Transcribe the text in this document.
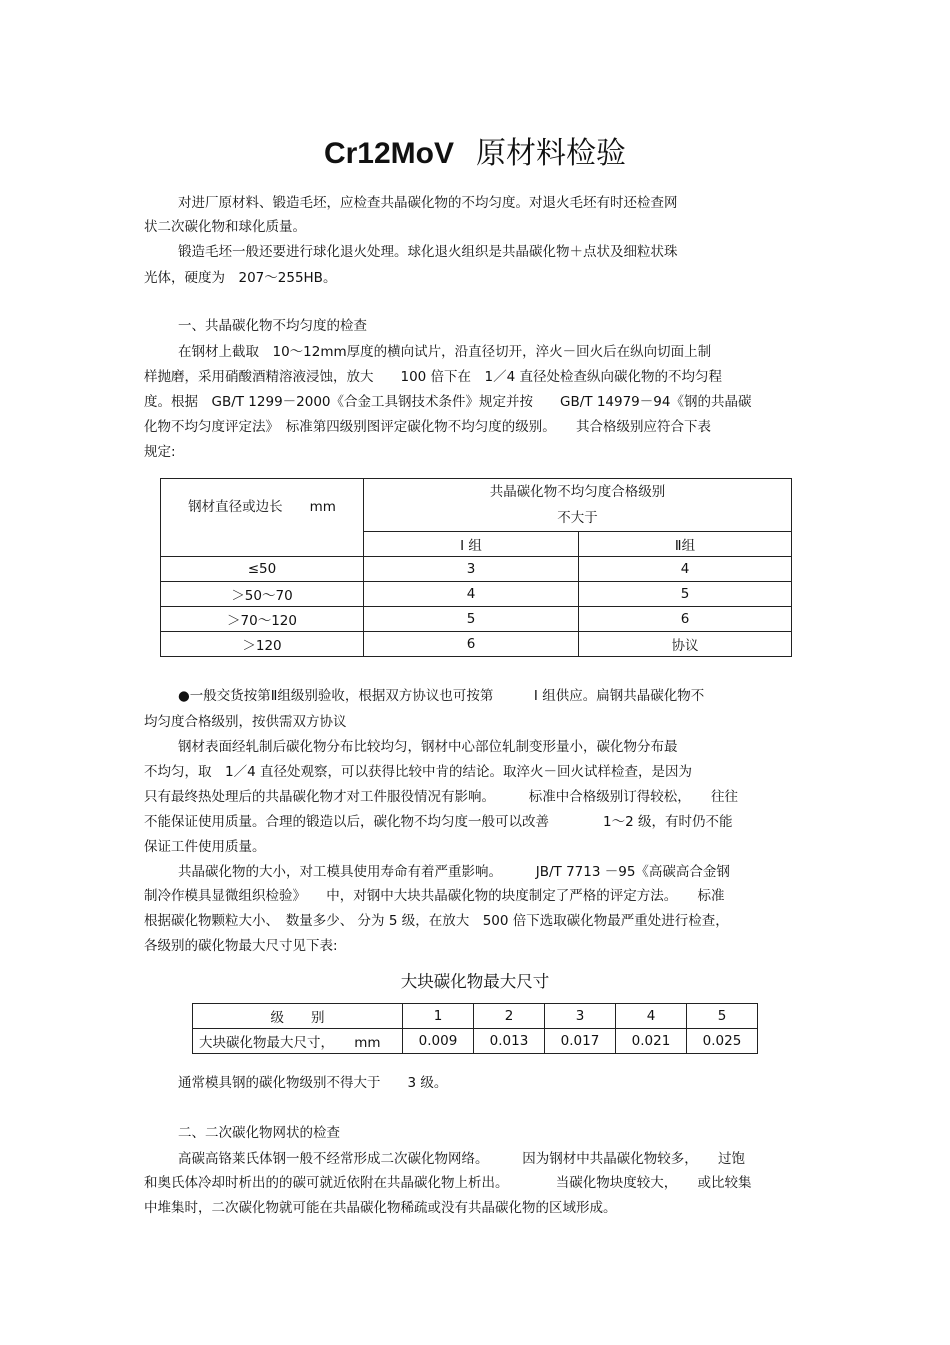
Cr12MoV 原材料检验
对进厂原材料、锻造毛坯，应检查共晶碳化物的不均匀度。对退火毛坯有时还检查网
状二次碳化物和球化质量。
锻造毛坯一般还要进行球化退火处理。球化退火组织是共晶碳化物＋点状及细粒状珠
光体，硬度为　207～255HB。
一、共晶碳化物不均匀度的检查
在钢材上截取　10～12mm厚度的横向试片，沿直径切开，淬火－回火后在纵向切面上制
样抛磨，采用硝酸酒精溶液浸蚀，放大　　100 倍下在　1／4 直径处检查纵向碳化物的不均匀程
度。根据　GB/T 1299－2000《合金工具钢技术条件》规定并按　　GB/T 14979－94《钢的共晶碳
化物不均匀度评定法》　标准第四级别图评定碳化物不均匀度的级别。　　其合格级别应符合下表
规定:
钢材直径或边长　　mm	
共晶碳化物不均匀度合格级别
不大于
	Ⅰ 组	Ⅱ组
≤50	3	4
＞50～70	4	5
＞70～120	5	6
＞120	6	协议
●一般交货按第Ⅱ组级别验收，根据双方协议也可按第　　　Ⅰ 组供应。扁钢共晶碳化物不
均匀度合格级别，按供需双方协议
钢材表面经轧制后碳化物分布比较均匀，钢材中心部位轧制变形量小，碳化物分布最
不均匀，取　1／4 直径处观察，可以获得比较中肯的结论。取淬火－回火试样检查，是因为
只有最终热处理后的共晶碳化物才对工件服役情况有影响。　　　标准中合格级别订得较松，　　往往
不能保证使用质量。合理的锻造以后，碳化物不均匀度一般可以改善　　　　1～2 级，有时仍不能
保证工件使用质量。
共晶碳化物的大小，对工模具使用寿命有着严重影响。　　　JB/T 7713 －95《高碳高合金钢
制冷作模具显微组织检验》　　中，对钢中大块共晶碳化物的块度制定了严格的评定方法。　　标准
根据碳化物颗粒大小、　数量多少、 分为 5 级，在放大　500 倍下选取碳化物最严重处进行检查，
各级别的碳化物最大尺寸见下表:
大块碳化物最大尺寸
级　　别	1	2	3	4	5
大块碳化物最大尺寸，　　mm	0.009	0.013	0.017	0.021	0.025
通常模具钢的碳化物级别不得大于　　3 级。
二、二次碳化物网状的检查
高碳高铬莱氏体钢一般不经常形成二次碳化物网络。　　　因为钢材中共晶碳化物较多，　　过饱
和奥氏体冷却时析出的的碳可就近依附在共晶碳化物上析出。　　　　当碳化物块度较大，　　或比较集
中堆集时，二次碳化物就可能在共晶碳化物稀疏或没有共晶碳化物的区域形成。
